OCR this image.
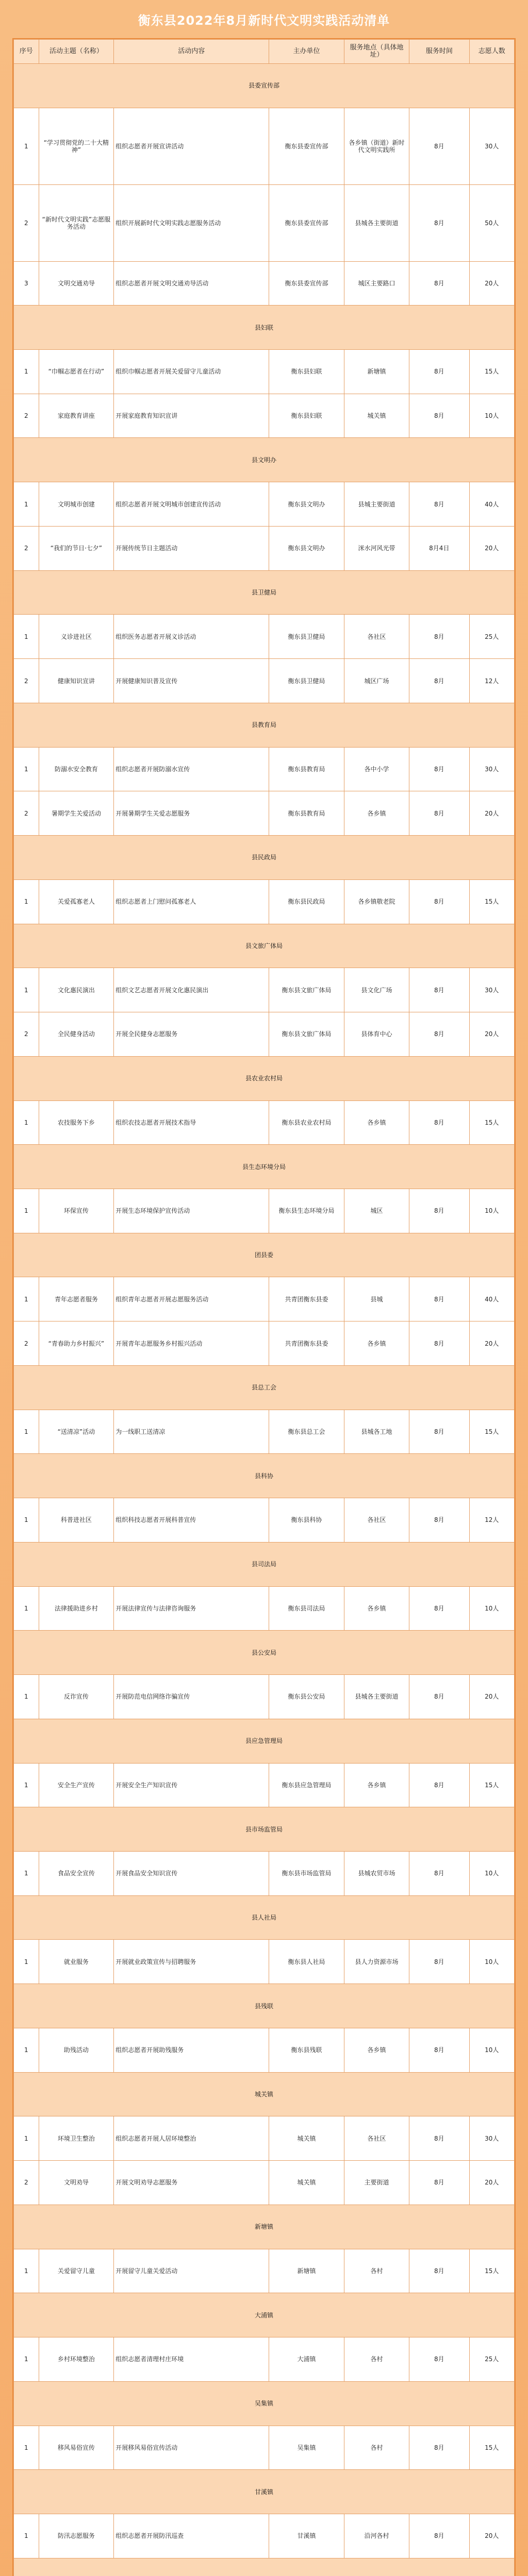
衡东县2022年8月新时代文明实践活动清单
序号	活动主题（名称）	活动内容	主办单位	服务地点（具体地址）	服务时间	志愿人数
县委宣传部						
1	“学习贯彻党的二十大精神”	组织志愿者开展宣讲活动	衡东县委宣传部	各乡镇（街道）新时代文明实践所	8月	30人
2	“新时代文明实践”志愿服务活动	组织开展新时代文明实践志愿服务活动	衡东县委宣传部	县城各主要街道	8月	50人
3	文明交通劝导	组织志愿者开展文明交通劝导活动	衡东县委宣传部	城区主要路口	8月	20人
县妇联						
1	“巾帼志愿者在行动”	组织巾帼志愿者开展关爱留守儿童活动	衡东县妇联	新塘镇	8月	15人
2	家庭教育讲座	开展家庭教育知识宣讲	衡东县妇联	城关镇	8月	10人
县文明办						
1	文明城市创建	组织志愿者开展文明城市创建宣传活动	衡东县文明办	县城主要街道	8月	40人
2	“我们的节日·七夕”	开展传统节日主题活动	衡东县文明办	洣水河风光带	8月4日	20人
县卫健局						
1	义诊进社区	组织医务志愿者开展义诊活动	衡东县卫健局	各社区	8月	25人
2	健康知识宣讲	开展健康知识普及宣传	衡东县卫健局	城区广场	8月	12人
县教育局						
1	防溺水安全教育	组织志愿者开展防溺水宣传	衡东县教育局	各中小学	8月	30人
2	暑期学生关爱活动	开展暑期学生关爱志愿服务	衡东县教育局	各乡镇	8月	20人
县民政局						
1	关爱孤寡老人	组织志愿者上门慰问孤寡老人	衡东县民政局	各乡镇敬老院	8月	15人
县文旅广体局						
1	文化惠民演出	组织文艺志愿者开展文化惠民演出	衡东县文旅广体局	县文化广场	8月	30人
2	全民健身活动	开展全民健身志愿服务	衡东县文旅广体局	县体育中心	8月	20人
县农业农村局						
1	农技服务下乡	组织农技志愿者开展技术指导	衡东县农业农村局	各乡镇	8月	15人
县生态环境分局						
1	环保宣传	开展生态环境保护宣传活动	衡东县生态环境分局	城区	8月	10人
团县委						
1	青年志愿者服务	组织青年志愿者开展志愿服务活动	共青团衡东县委	县城	8月	40人
2	“青春助力乡村振兴”	开展青年志愿服务乡村振兴活动	共青团衡东县委	各乡镇	8月	20人
县总工会						
1	“送清凉”活动	为一线职工送清凉	衡东县总工会	县城各工地	8月	15人
县科协						
1	科普进社区	组织科技志愿者开展科普宣传	衡东县科协	各社区	8月	12人
县司法局						
1	法律援助进乡村	开展法律宣传与法律咨询服务	衡东县司法局	各乡镇	8月	10人
县公安局						
1	反诈宣传	开展防范电信网络诈骗宣传	衡东县公安局	县城各主要街道	8月	20人
县应急管理局						
1	安全生产宣传	开展安全生产知识宣传	衡东县应急管理局	各乡镇	8月	15人
县市场监管局						
1	食品安全宣传	开展食品安全知识宣传	衡东县市场监管局	县城农贸市场	8月	10人
县人社局						
1	就业服务	开展就业政策宣传与招聘服务	衡东县人社局	县人力资源市场	8月	10人
县残联						
1	助残活动	组织志愿者开展助残服务	衡东县残联	各乡镇	8月	10人
城关镇						
1	环境卫生整治	组织志愿者开展人居环境整治	城关镇	各社区	8月	30人
2	文明劝导	开展文明劝导志愿服务	城关镇	主要街道	8月	20人
新塘镇						
1	关爱留守儿童	开展留守儿童关爱活动	新塘镇	各村	8月	15人
大浦镇						
1	乡村环境整治	组织志愿者清理村庄环境	大浦镇	各村	8月	25人
吴集镇						
1	移风易俗宣传	开展移风易俗宣传活动	吴集镇	各村	8月	15人
甘溪镇						
1	防汛志愿服务	组织志愿者开展防汛巡查	甘溪镇	沿河各村	8月	20人
